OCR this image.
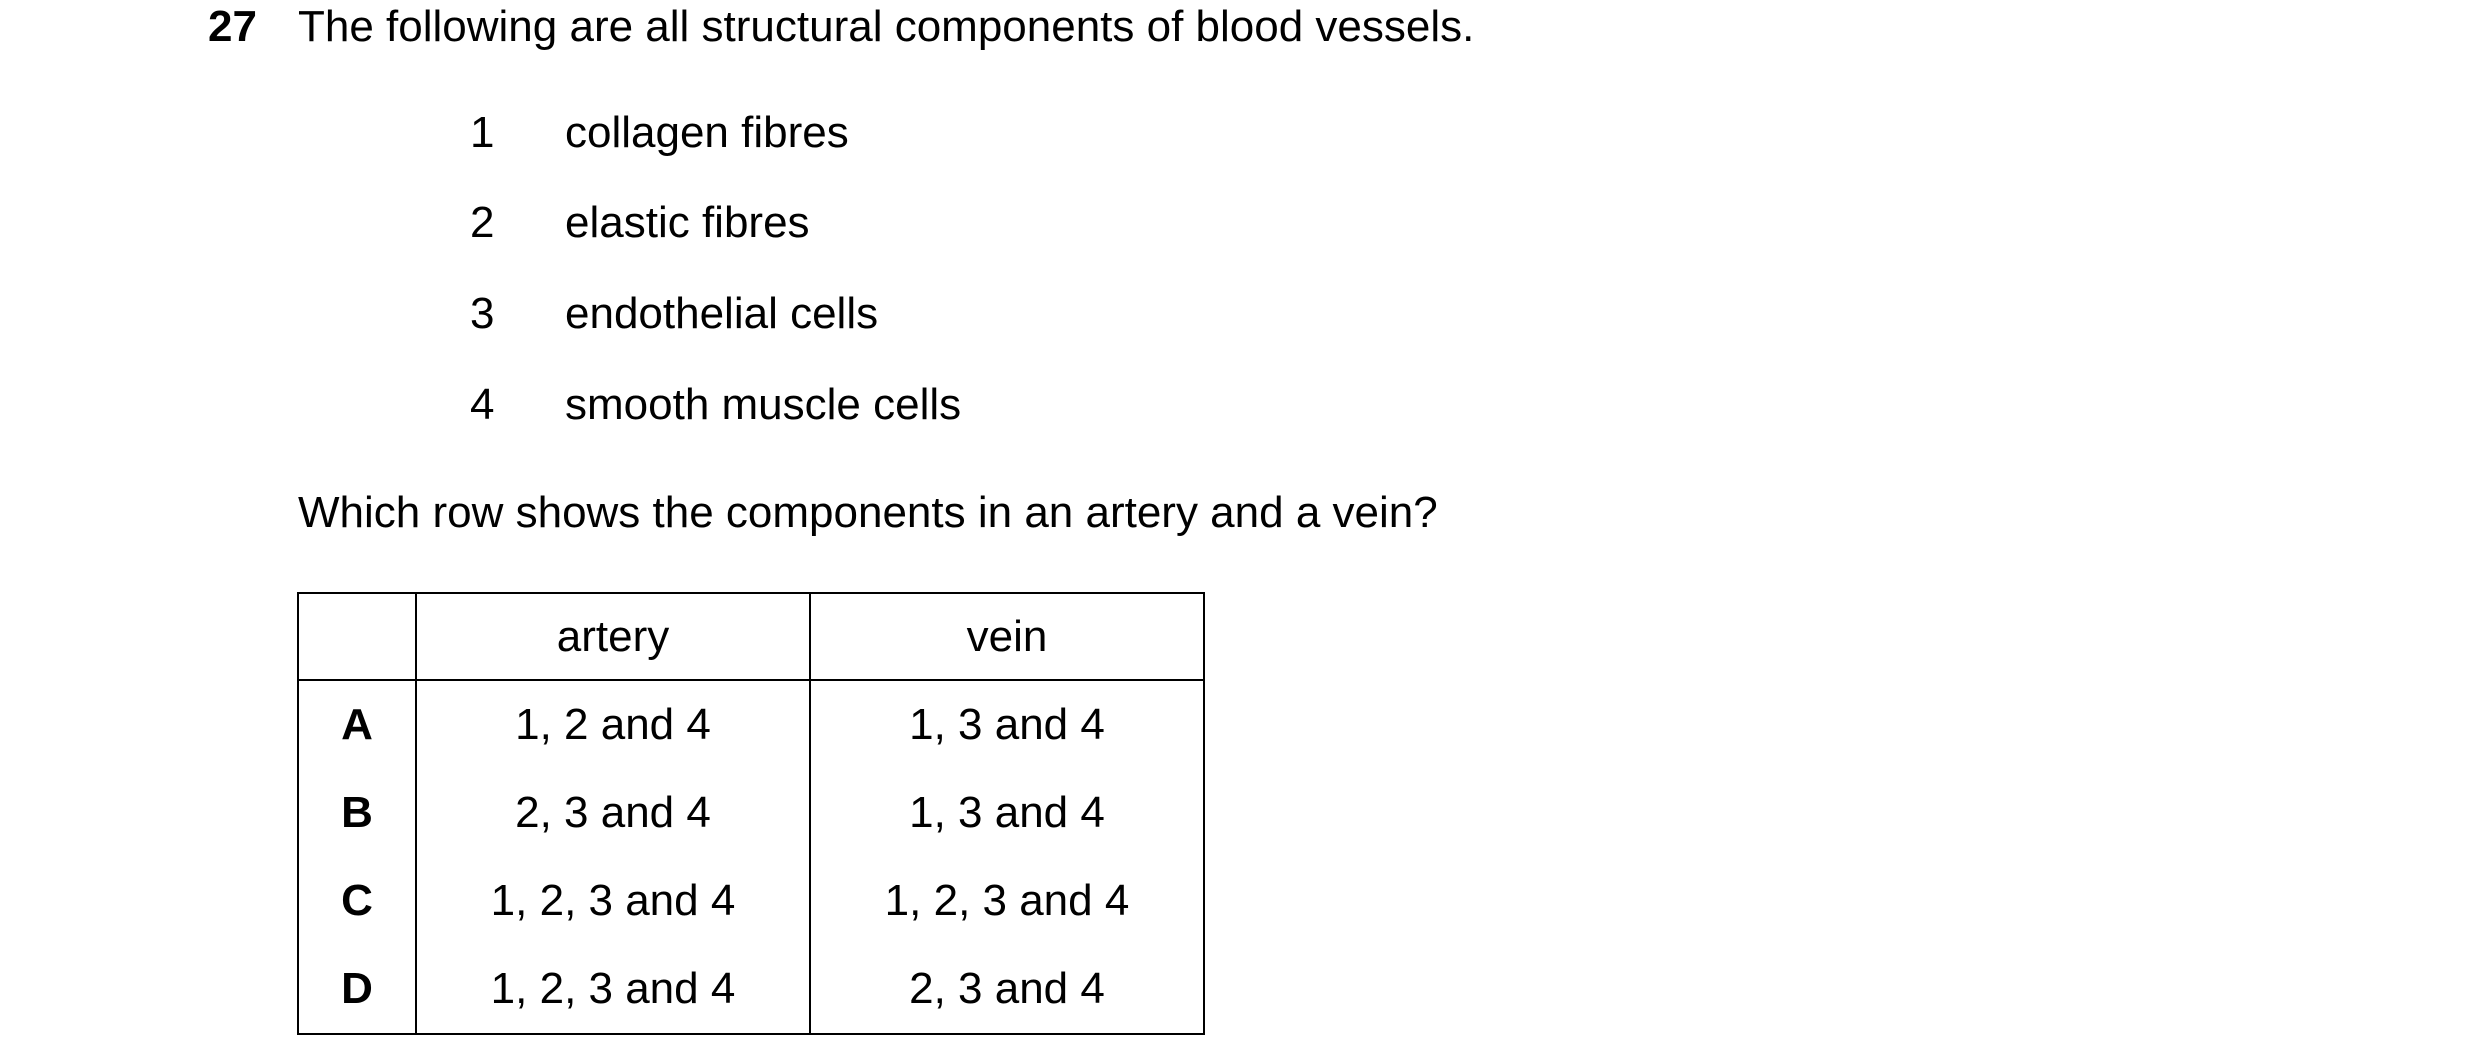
27 The following are all structural components of blood vessels.
1 collagen fibres
2 elastic fibres
3 endothelial cells
4 smooth muscle cells
Which row shows the components in an artery and a vein?
	artery	vein
A	1, 2 and 4	1, 3 and 4
B	2, 3 and 4	1, 3 and 4
C	1, 2, 3 and 4	1, 2, 3 and 4
D	1, 2, 3 and 4	2, 3 and 4
